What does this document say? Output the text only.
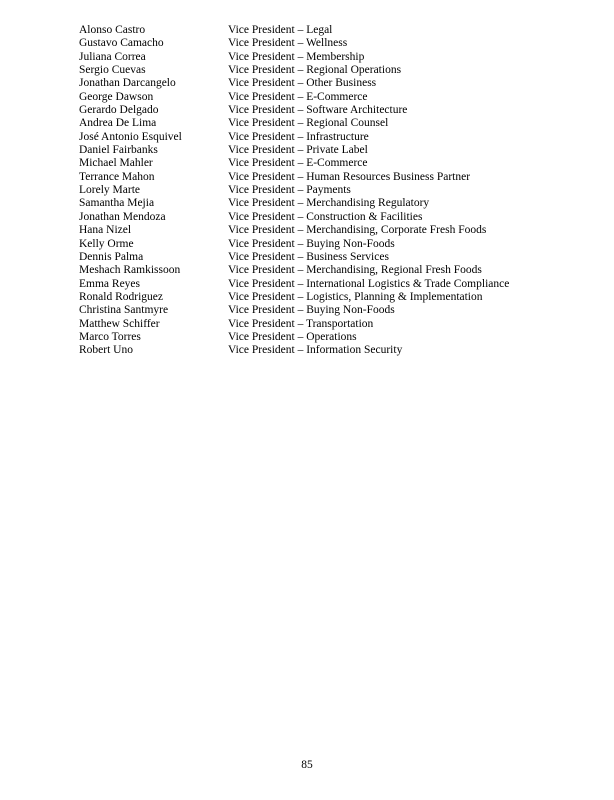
Alonso Castro	Vice President – Legal
Gustavo Camacho	Vice President – Wellness
Juliana Correa	Vice President – Membership
Sergio Cuevas	Vice President – Regional Operations
Jonathan Darcangelo	Vice President – Other Business
George Dawson	Vice President – E-Commerce
Gerardo Delgado	Vice President – Software Architecture
Andrea De Lima	Vice President – Regional Counsel
José Antonio Esquivel	Vice President – Infrastructure
Daniel Fairbanks	Vice President – Private Label
Michael Mahler	Vice President – E-Commerce
Terrance Mahon	Vice President – Human Resources Business Partner
Lorely Marte	Vice President – Payments
Samantha Mejia	Vice President – Merchandising Regulatory
Jonathan Mendoza	Vice President – Construction & Facilities
Hana Nizel	Vice President – Merchandising, Corporate Fresh Foods
Kelly Orme	Vice President – Buying Non-Foods
Dennis Palma	Vice President – Business Services
Meshach Ramkissoon	Vice President – Merchandising, Regional Fresh Foods
Emma Reyes	Vice President – International Logistics & Trade Compliance
Ronald Rodriguez	Vice President – Logistics, Planning & Implementation
Christina Santmyre	Vice President – Buying Non-Foods
Matthew Schiffer	Vice President – Transportation
Marco Torres	Vice President – Operations
Robert Uno	Vice President – Information Security
85
